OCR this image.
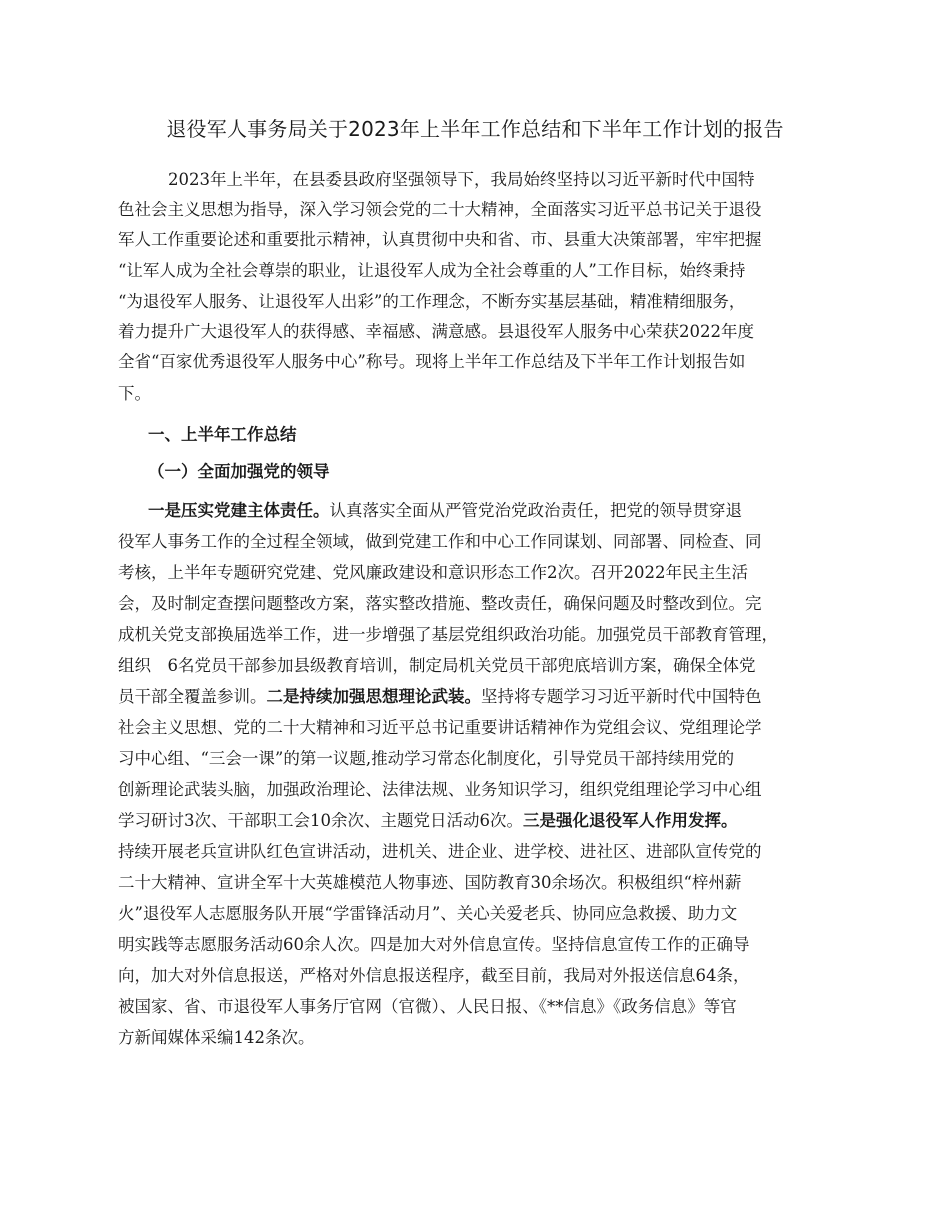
退役军人事务局关于2023年上半年工作总结和下半年工作计划的报告
2023年上半年，在县委县政府坚强领导下，我局始终坚持以习近平新时代中国特
色社会主义思想为指导，深入学习领会党的二十大精神，全面落实习近平总书记关于退役
军人工作重要论述和重要批示精神，认真贯彻中央和省、市、县重大决策部署，牢牢把握
“让军人成为全社会尊崇的职业，让退役军人成为全社会尊重的人”工作目标，始终秉持
“为退役军人服务、让退役军人出彩”的工作理念，不断夯实基层基础，精准精细服务，
着力提升广大退役军人的获得感、幸福感、满意感。县退役军人服务中心荣获2022年度
全省“百家优秀退役军人服务中心”称号。现将上半年工作总结及下半年工作计划报告如
下。
一、上半年工作总结
（一）全面加强党的领导
一是压实党建主体责任。认真落实全面从严管党治党政治责任，把党的领导贯穿退
役军人事务工作的全过程全领域，做到党建工作和中心工作同谋划、同部署、同检查、同
考核，上半年专题研究党建、党风廉政建设和意识形态工作2次。召开2022年民主生活
会，及时制定查摆问题整改方案，落实整改措施、整改责任，确保问题及时整改到位。完
成机关党支部换届选举工作，进一步增强了基层党组织政治功能。加强党员干部教育管理，
组织　6名党员干部参加县级教育培训，制定局机关党员干部兜底培训方案，确保全体党
员干部全覆盖参训。二是持续加强思想理论武装。坚持将专题学习习近平新时代中国特色
社会主义思想、党的二十大精神和习近平总书记重要讲话精神作为党组会议、党组理论学
习中心组、“三会一课”的第一议题,推动学习常态化制度化，引导党员干部持续用党的
创新理论武装头脑，加强政治理论、法律法规、业务知识学习，组织党组理论学习中心组
学习研讨3次、干部职工会10余次、主题党日活动6次。三是强化退役军人作用发挥。
持续开展老兵宣讲队红色宣讲活动，进机关、进企业、进学校、进社区、进部队宣传党的
二十大精神、宣讲全军十大英雄模范人物事迹、国防教育30余场次。积极组织“梓州薪
火”退役军人志愿服务队开展“学雷锋活动月”、关心关爱老兵、协同应急救援、助力文
明实践等志愿服务活动60余人次。四是加大对外信息宣传。坚持信息宣传工作的正确导
向，加大对外信息报送，严格对外信息报送程序，截至目前，我局对外报送信息64条，
被国家、省、市退役军人事务厅官网（官微）、人民日报、《**信息》《政务信息》等官
方新闻媒体采编142条次。
